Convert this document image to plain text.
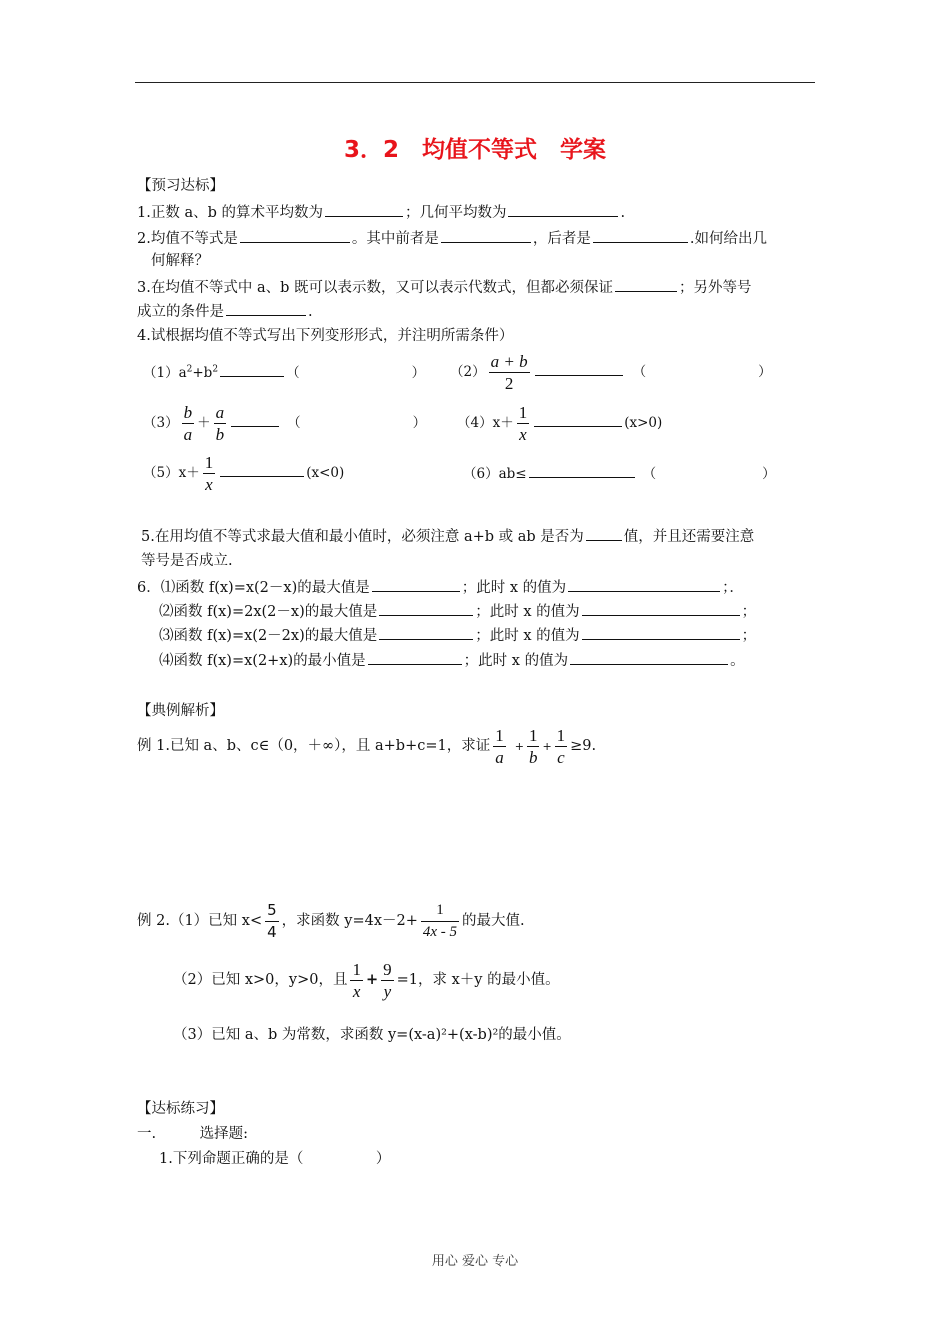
3．2　均值不等式　学案
【预习达标】
1.正数 a、b 的算术平均数为	；几何平均数为	.
2.均值不等式是	。其中前者是	，后者是	.如何给出几
何解释？
3.在均值不等式中 a、b 既可以表示数，又可以表示代数式，但都必须保证	；另外等号
成立的条件是	.
4.试根据均值不等式写出下列变形形式，并注明所需条件）
$(1)a^2+b^2$	（	） $(2) \frac{a + b}{2}$	（	）
$(3) \frac{b}{a} + \frac{a}{b}$	（	） $(4)x+ \frac{1}{x}$	(x>0)
$(5)x+ \frac{1}{x}$	(x<0)	（6）ab≤	（	）
5.在用均值不等式求最大值和最小值时，必须注意 a+b 或 ab 是否为	值，并且还需要注意
等号是否成立.
6．⑴函数 f(x)=x(2－x)的最大值是	；此时 x 的值为	；．
⑵函数 f(x)=2x(2－x)的最大值是	；此时 x 的值为	；
⑶函数 f(x)=x(2－2x)的最大值是	；此时 x 的值为	；
⑷函数 f(x)=x(2+x)的最小值是	；此时 x 的值为	。
【典例解析】
例 1.已知 a、b、c∈（0，＋∞），且 a+b+c=1，求证 $\frac{1}{a} + \frac{1}{b} + \frac{1}{c} \ge 9$.
例 2.（1）已知 $x< \frac{5}{4}$ ，求函数 $y=4x-2+ \frac{1}{4x - 5}$ 的最大值.
（2）已知 x>0，y>0，且 $\frac{1}{x} + \frac{9}{y} =1$，求 x＋y 的最小值。
（3）已知 a、b 为常数，求函数 y=(x-a)²+(x-b)²的最小值。
【达标练习】
一.　　　选择题:
1.下列命题正确的是（　　　　　）
用心 爱心 专心
